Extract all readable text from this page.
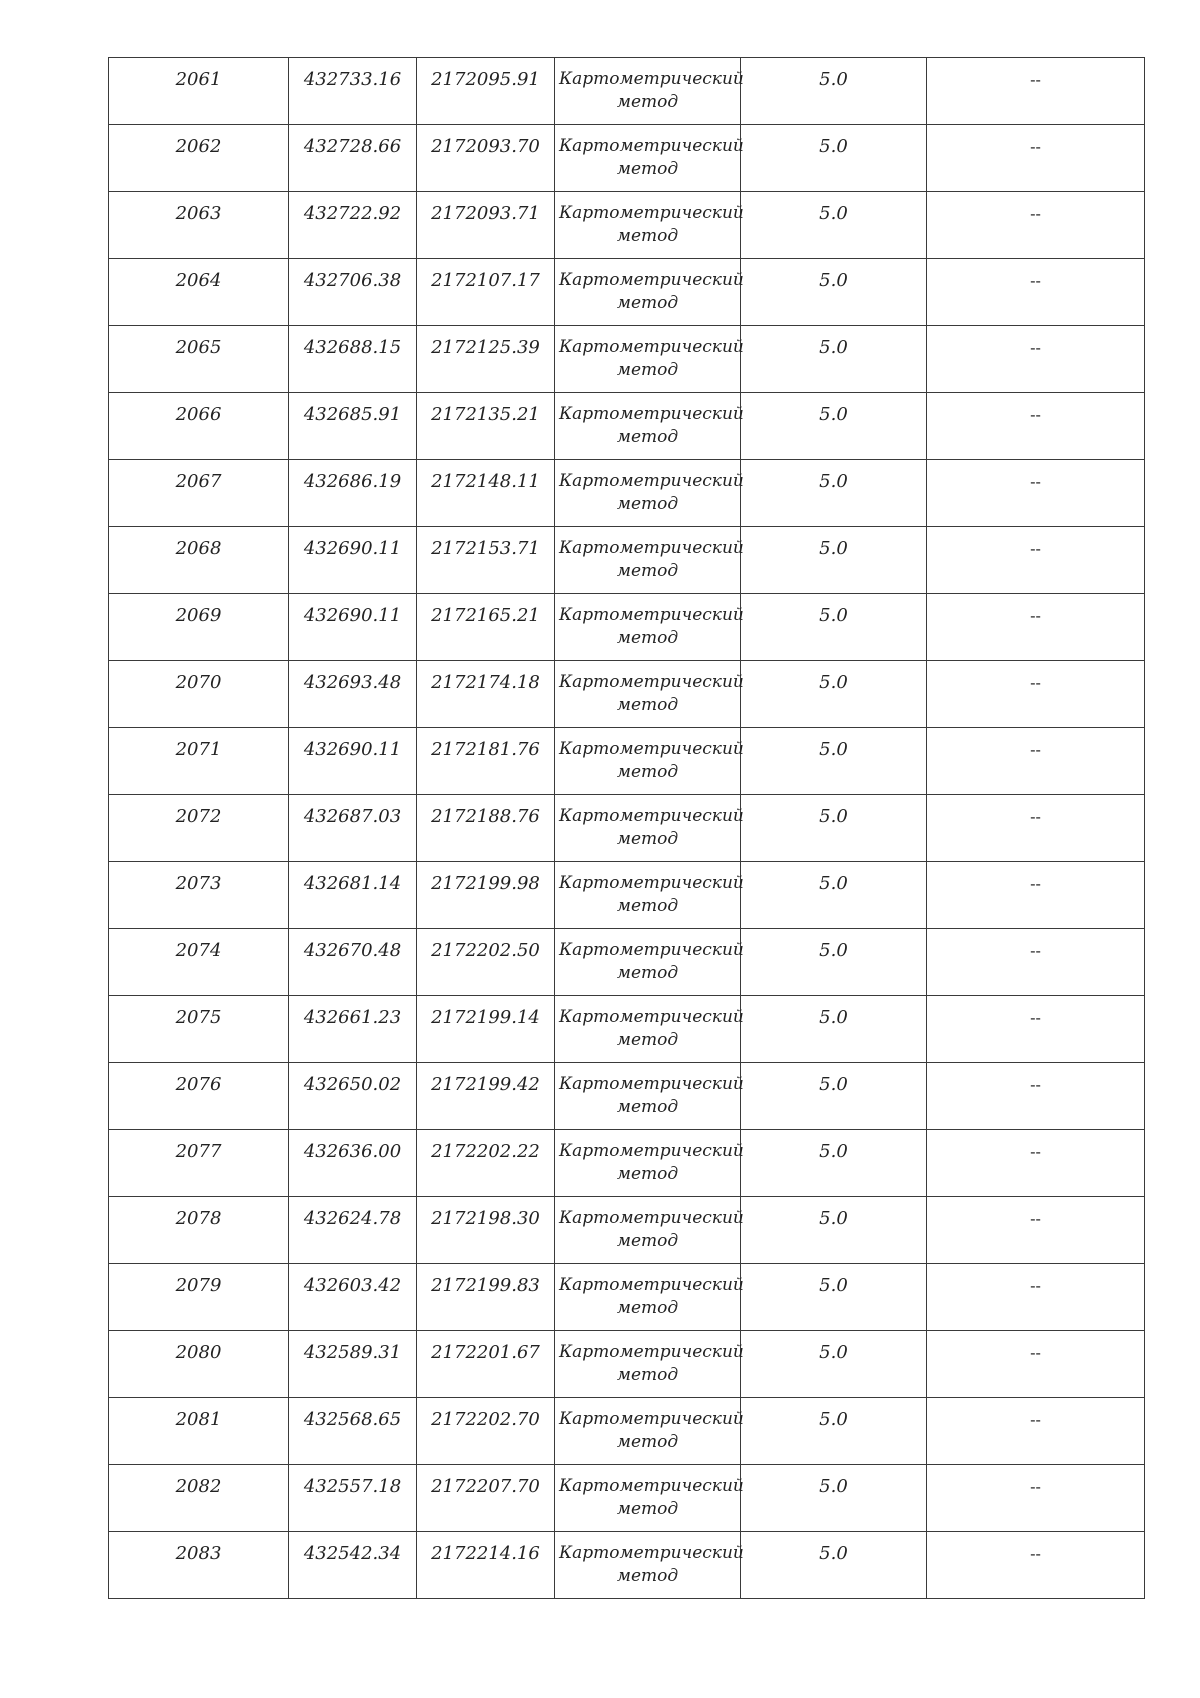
2061	432733.16	2172095.91	Картометрический
метод	5.0	--
2062	432728.66	2172093.70	Картометрический
метод	5.0	--
2063	432722.92	2172093.71	Картометрический
метод	5.0	--
2064	432706.38	2172107.17	Картометрический
метод	5.0	--
2065	432688.15	2172125.39	Картометрический
метод	5.0	--
2066	432685.91	2172135.21	Картометрический
метод	5.0	--
2067	432686.19	2172148.11	Картометрический
метод	5.0	--
2068	432690.11	2172153.71	Картометрический
метод	5.0	--
2069	432690.11	2172165.21	Картометрический
метод	5.0	--
2070	432693.48	2172174.18	Картометрический
метод	5.0	--
2071	432690.11	2172181.76	Картометрический
метод	5.0	--
2072	432687.03	2172188.76	Картометрический
метод	5.0	--
2073	432681.14	2172199.98	Картометрический
метод	5.0	--
2074	432670.48	2172202.50	Картометрический
метод	5.0	--
2075	432661.23	2172199.14	Картометрический
метод	5.0	--
2076	432650.02	2172199.42	Картометрический
метод	5.0	--
2077	432636.00	2172202.22	Картометрический
метод	5.0	--
2078	432624.78	2172198.30	Картометрический
метод	5.0	--
2079	432603.42	2172199.83	Картометрический
метод	5.0	--
2080	432589.31	2172201.67	Картометрический
метод	5.0	--
2081	432568.65	2172202.70	Картометрический
метод	5.0	--
2082	432557.18	2172207.70	Картометрический
метод	5.0	--
2083	432542.34	2172214.16	Картометрический
метод	5.0	--
